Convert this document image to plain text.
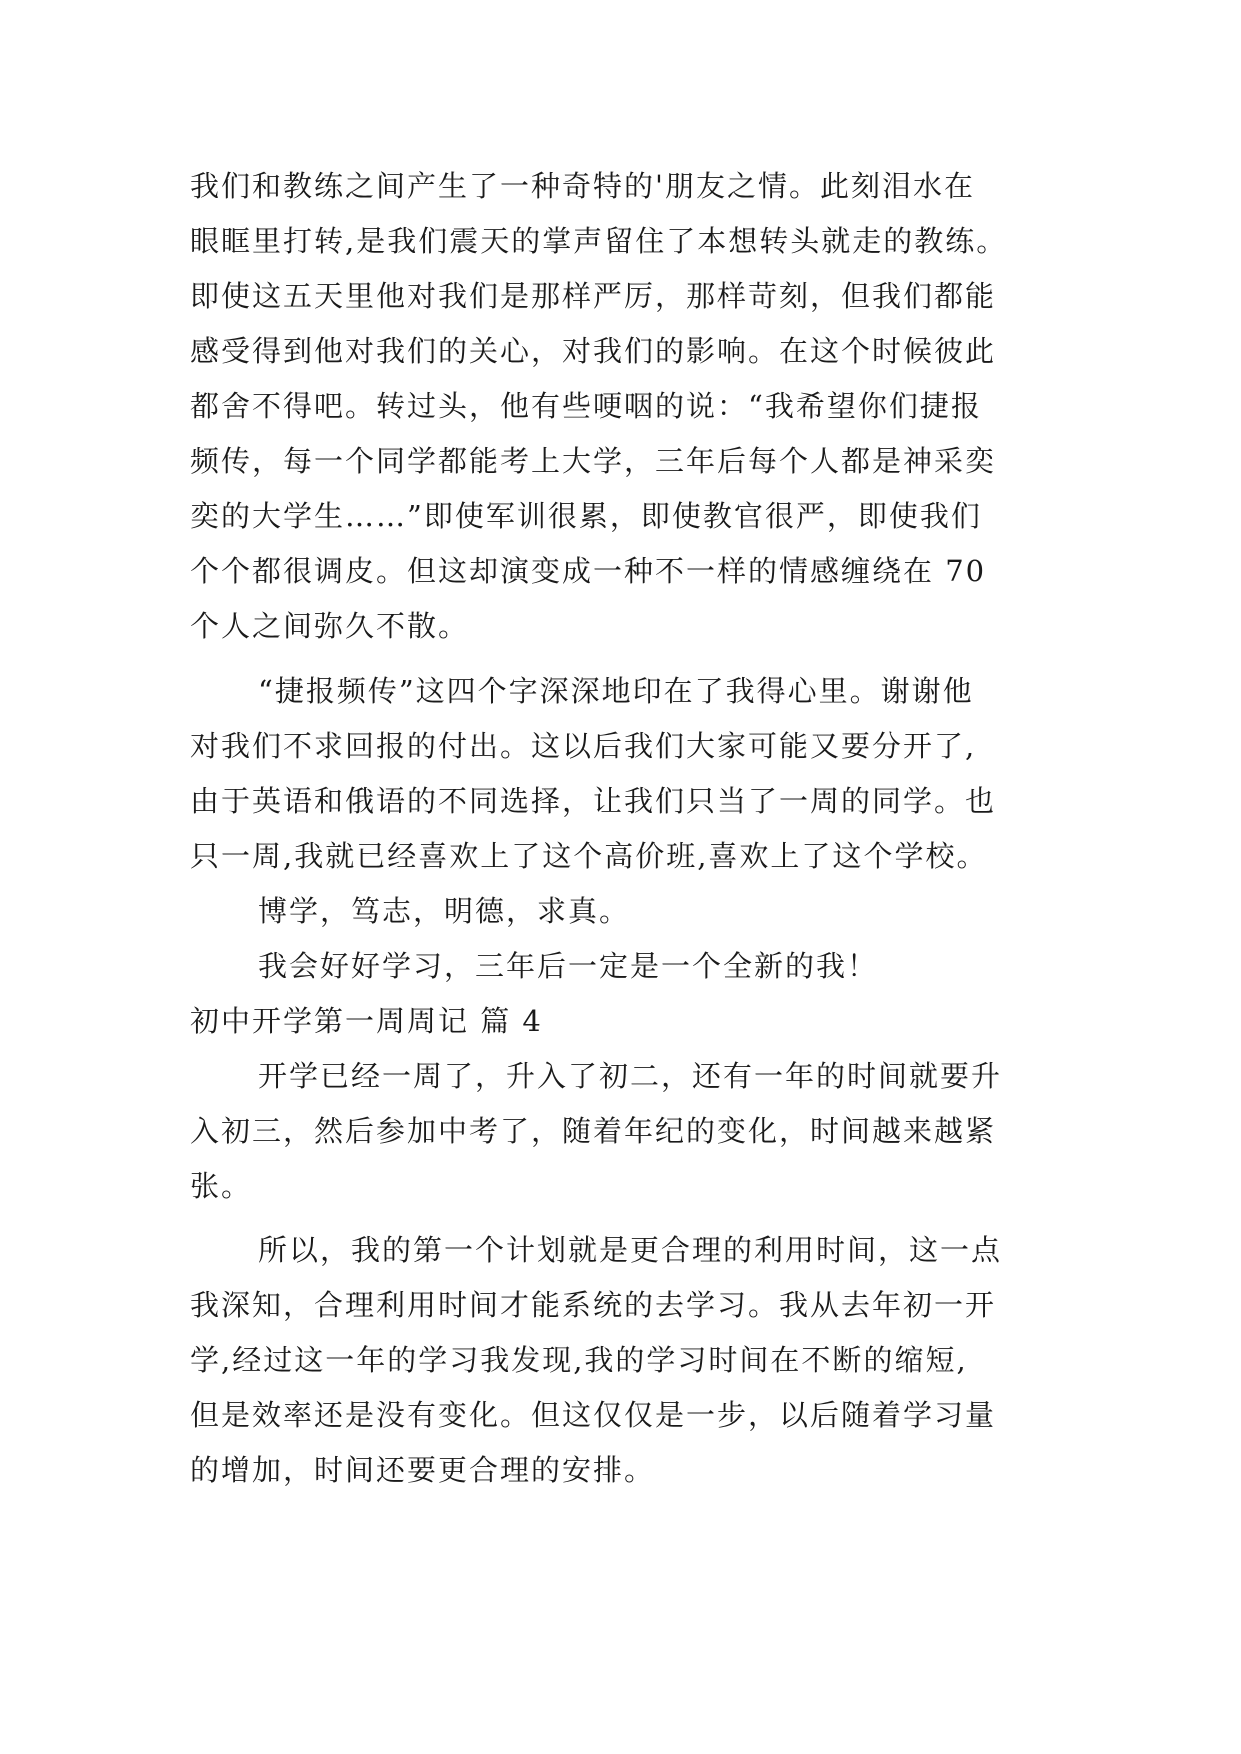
我们和教练之间产生了一种奇特的'朋友之情。此刻泪水在
眼眶里打转,是我们震天的掌声留住了本想转头就走的教练。
即使这五天里他对我们是那样严厉，那样苛刻，但我们都能
感受得到他对我们的关心，对我们的影响。在这个时候彼此
都舍不得吧。转过头，他有些哽咽的说：“我希望你们捷报
频传，每一个同学都能考上大学，三年后每个人都是神采奕
奕的大学生……”即使军训很累，即使教官很严，即使我们
个个都很调皮。但这却演变成一种不一样的情感缠绕在 70
个人之间弥久不散。
“捷报频传”这四个字深深地印在了我得心里。谢谢他
对我们不求回报的付出。这以后我们大家可能又要分开了,
由于英语和俄语的不同选择，让我们只当了一周的同学。也
只一周,我就已经喜欢上了这个高价班,喜欢上了这个学校。
博学，笃志，明德，求真。
我会好好学习，三年后一定是一个全新的我！
初中开学第一周周记 篇 4
开学已经一周了，升入了初二，还有一年的时间就要升
入初三，然后参加中考了，随着年纪的变化，时间越来越紧
张。
所以，我的第一个计划就是更合理的利用时间，这一点
我深知，合理利用时间才能系统的去学习。我从去年初一开
学,经过这一年的学习我发现,我的学习时间在不断的缩短,
但是效率还是没有变化。但这仅仅是一步，以后随着学习量
的增加，时间还要更合理的安排。
